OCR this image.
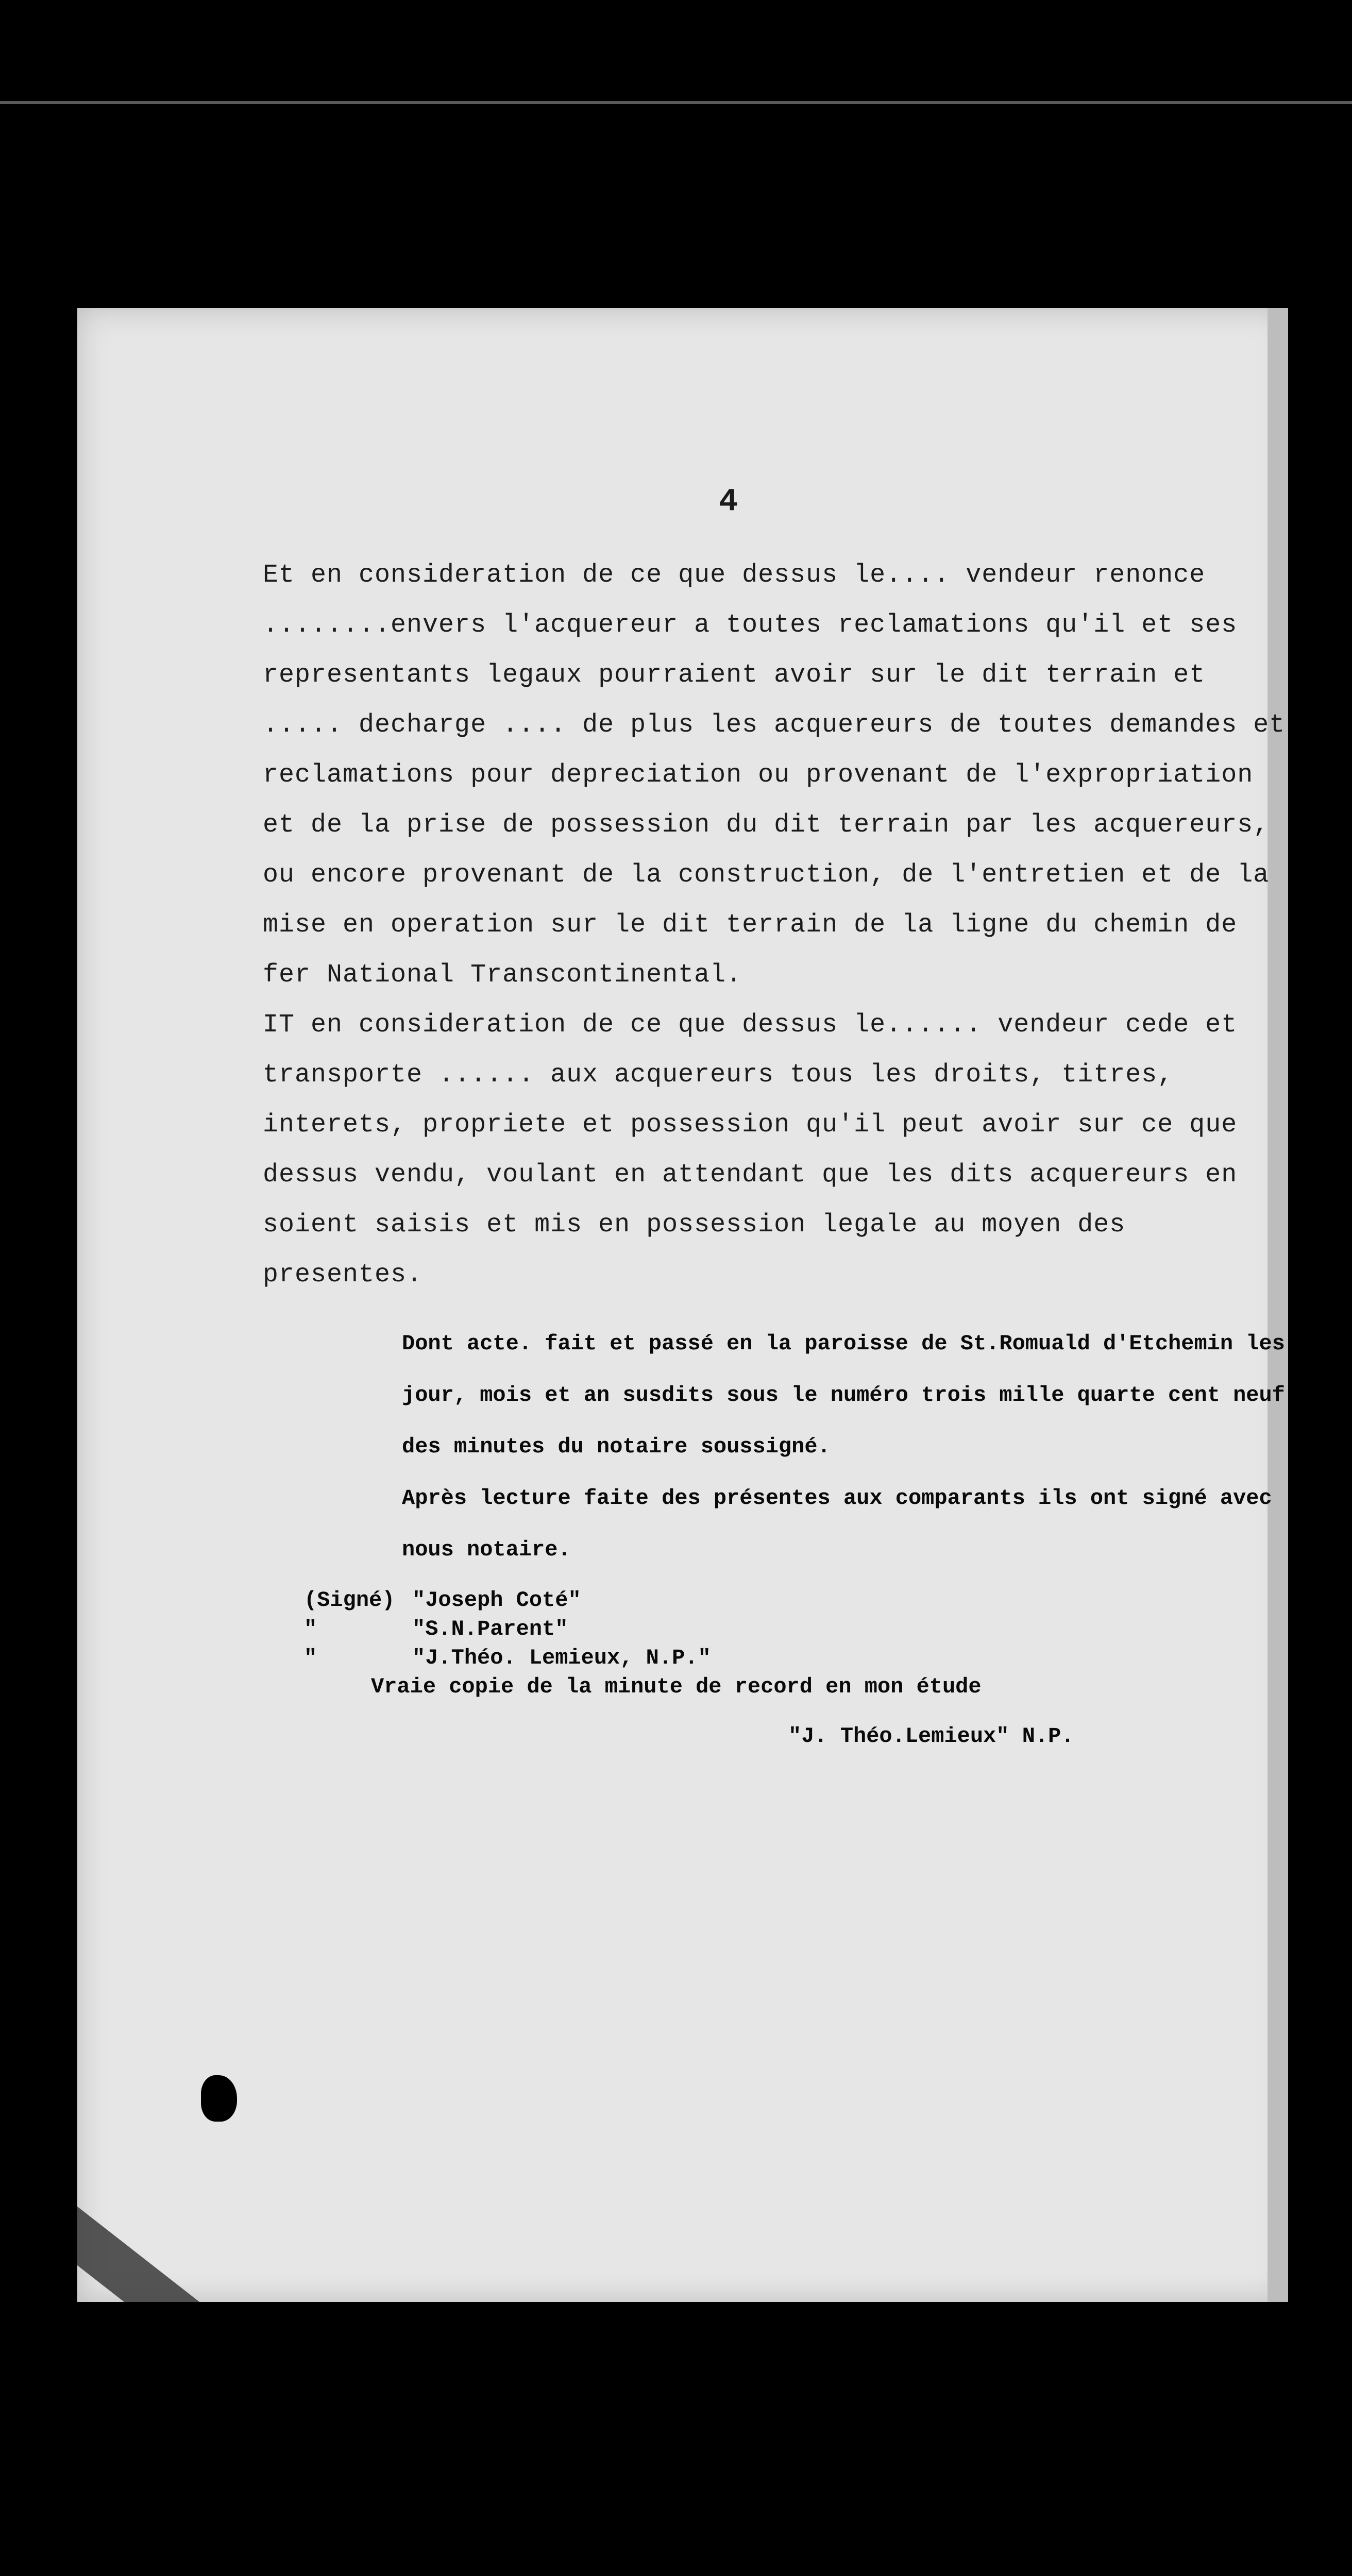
4

Et en consideration de ce que dessus le.... vendeur renonce ........envers l'acquereur a toutes reclamations qu'il et ses representants legaux pourraient avoir sur le dit terrain et ..... decharge .... de plus les acquereurs de toutes demandes et reclamations pour depreciation ou provenant de l'expropriation et de la prise de possession du dit terrain par les acquereurs, ou encore provenant de la construction, de l'entretien et de la mise en operation sur le dit terrain de la ligne du chemin de fer National Transcontinental.

IT en consideration de ce que dessus le...... vendeur cede et transporte ...... aux acquereurs tous les droits, titres, interets, propriete et possession qu'il peut avoir sur ce que dessus vendu, voulant en attendant que les dits acquereurs en soient saisis et mis en possession legale au moyen des presentes.

Dont acte. fait et passé en la paroisse de St.Romuald d'Etchemin les jour, mois et an susdits sous le numéro trois mille quarte cent neuf des minutes du notaire soussigné.

Après lecture faite des présentes aux comparants ils ont signé avec nous notaire.

(Signé) "Joseph Coté"
"	"S.N.Parent"
"	"J.Théo. Lemieux, N.P."
Vraie copie de la minute de record en mon étude
"J. Théo.Lemieux" N.P.
